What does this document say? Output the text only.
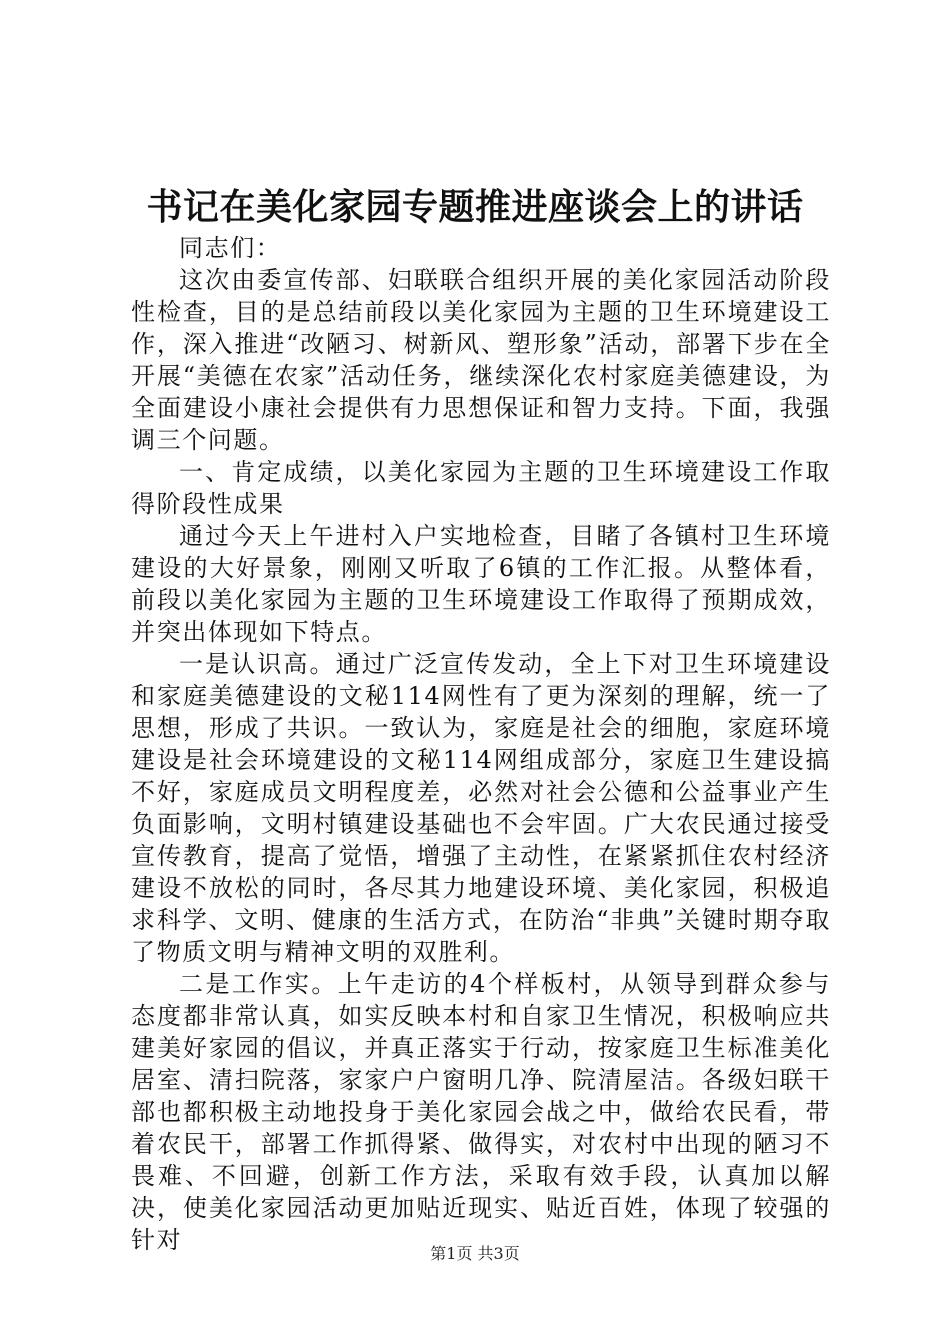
书记在美化家园专题推进座谈会上的讲话

同志们：

这次由委宣传部、妇联联合组织开展的美化家园活动阶段性检查，目的是总结前段以美化家园为主题的卫生环境建设工作，深入推进“改陋习、树新风、塑形象”活动，部署下步在全开展“美德在农家”活动任务，继续深化农村家庭美德建设，为全面建设小康社会提供有力思想保证和智力支持。下面，我强调三个问题。

一、肯定成绩，以美化家园为主题的卫生环境建设工作取得阶段性成果

通过今天上午进村入户实地检查，目睹了各镇村卫生环境建设的大好景象，刚刚又听取了6镇的工作汇报。从整体看，前段以美化家园为主题的卫生环境建设工作取得了预期成效，并突出体现如下特点。

一是认识高。通过广泛宣传发动，全上下对卫生环境建设和家庭美德建设的文秘114网性有了更为深刻的理解，统一了思想，形成了共识。一致认为，家庭是社会的细胞，家庭环境建设是社会环境建设的文秘114网组成部分，家庭卫生建设搞不好，家庭成员文明程度差，必然对社会公德和公益事业产生负面影响，文明村镇建设基础也不会牢固。广大农民通过接受宣传教育，提高了觉悟，增强了主动性，在紧紧抓住农村经济建设不放松的同时，各尽其力地建设环境、美化家园，积极追求科学、文明、健康的生活方式，在防治“非典”关键时期夺取了物质文明与精神文明的双胜利。

二是工作实。上午走访的4个样板村，从领导到群众参与态度都非常认真，如实反映本村和自家卫生情况，积极响应共建美好家园的倡议，并真正落实于行动，按家庭卫生标准美化居室、清扫院落，家家户户窗明几净、院清屋洁。各级妇联干部也都积极主动地投身于美化家园会战之中，做给农民看，带着农民干，部署工作抓得紧、做得实，对农村中出现的陋习不畏难、不回避，创新工作方法，采取有效手段，认真加以解决，使美化家园活动更加贴近现实、贴近百姓，体现了较强的针对	第1页 共3页
